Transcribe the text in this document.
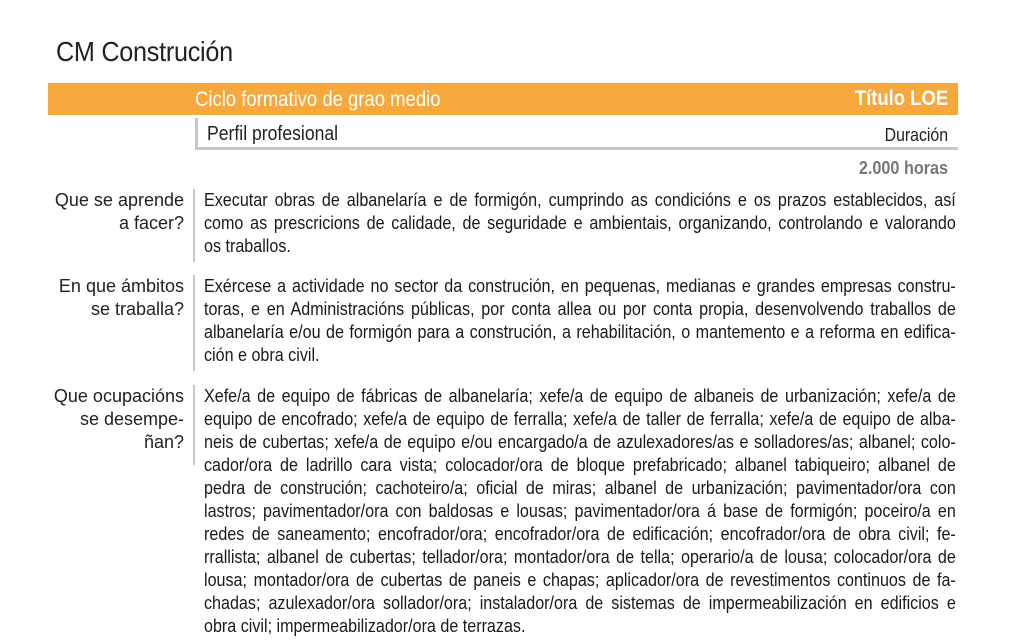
CM Construción
Ciclo formativo de grao medio	Título LOE
Perfil profesional	Duración
2.000 horas
Que se aprende
a facer?
Executar obras de albanelaría e de formigón, cumprindo as condicións e os prazos establecidos, así
como as prescricions de calidade, de seguridade e ambientais, organizando, controlando e valorando
os traballos.
En que ámbitos
se traballa?
Exércese a actividade no sector da construción, en pequenas, medianas e grandes empresas constru-
toras, e en Administracións públicas, por conta allea ou por conta propia, desenvolvendo traballos de
albanelaría e/ou de formigón para a construción, a rehabilitación, o mantemento e a reforma en edifica-
ción e obra civil.
Que ocupacións
se desempe-
ñan?
Xefe/a de equipo de fábricas de albanelaría; xefe/a de equipo de albaneis de urbanización; xefe/a de
equipo de encofrado; xefe/a de equipo de ferralla; xefe/a de taller de ferralla; xefe/a de equipo de alba-
neis de cubertas; xefe/a de equipo e/ou encargado/a de azulexadores/as e solladores/as; albanel; colo-
cador/ora de ladrillo cara vista; colocador/ora de bloque prefabricado; albanel tabiqueiro; albanel de
pedra de construción; cachoteiro/a; oficial de miras; albanel de urbanización; pavimentador/ora con
lastros; pavimentador/ora con baldosas e lousas; pavimentador/ora á base de formigón; poceiro/a en
redes de saneamento; encofrador/ora; encofrador/ora de edificación; encofrador/ora de obra civil; fe-
rrallista; albanel de cubertas; tellador/ora; montador/ora de tella; operario/a de lousa; colocador/ora de
lousa; montador/ora de cubertas de paneis e chapas; aplicador/ora de revestimentos continuos de fa-
chadas; azulexador/ora sollador/ora; instalador/ora de sistemas de impermeabilización en edificios e
obra civil; impermeabilizador/ora de terrazas.
